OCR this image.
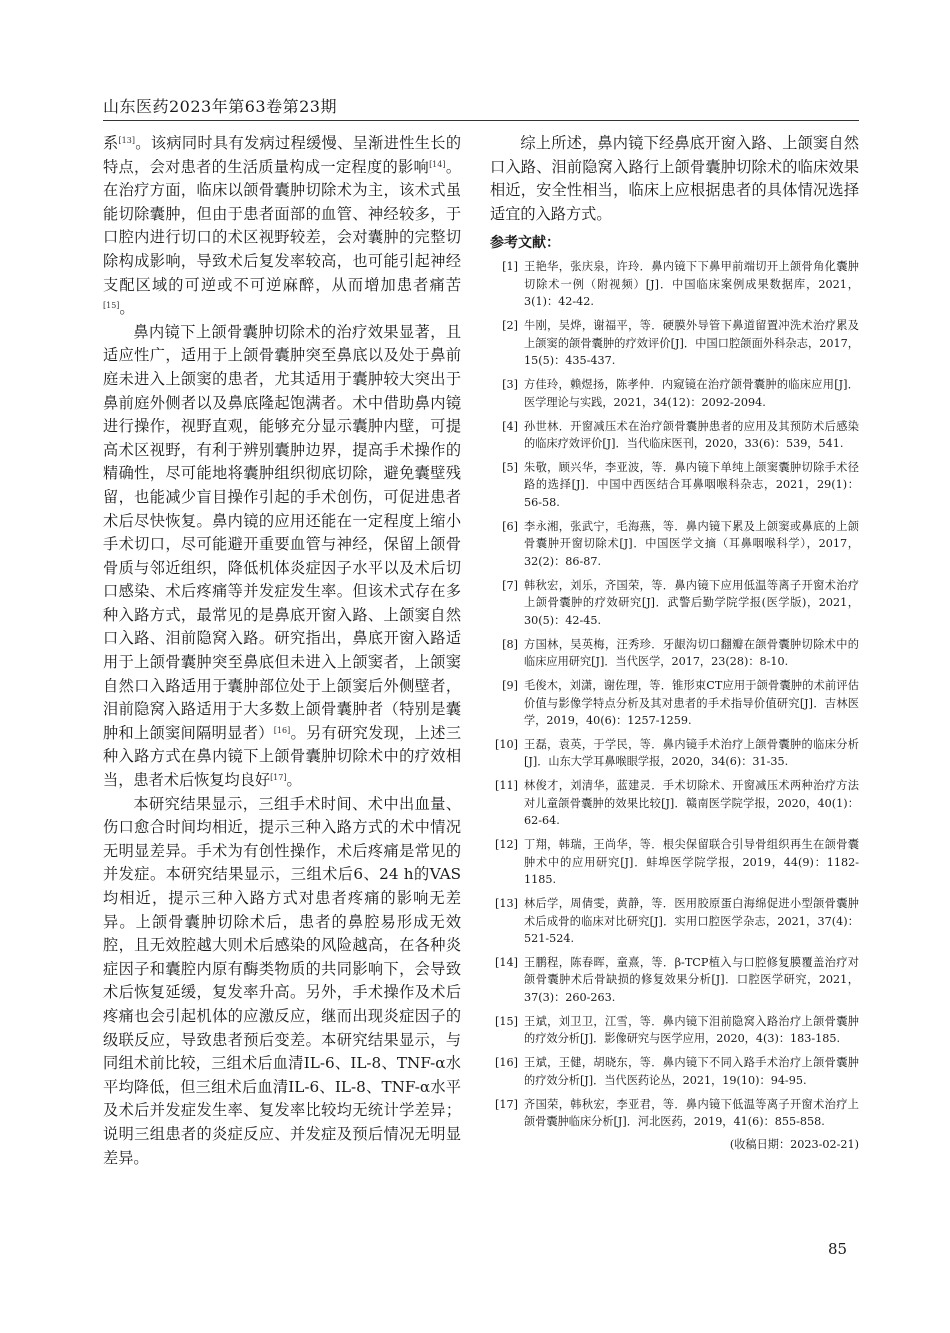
山东医药2023年第63卷第23期

系[13]。该病同时具有发病过程缓慢、呈渐进性生长的特点，会对患者的生活质量构成一定程度的影响[14]。在治疗方面，临床以颌骨囊肿切除术为主，该术式虽能切除囊肿，但由于患者面部的血管、神经较多，于口腔内进行切口的术区视野较差，会对囊肿的完整切除构成影响，导致术后复发率较高，也可能引起神经支配区域的可逆或不可逆麻醉，从而增加患者痛苦[15]。

鼻内镜下上颌骨囊肿切除术的治疗效果显著，且适应性广，适用于上颌骨囊肿突至鼻底以及处于鼻前庭未进入上颌窦的患者，尤其适用于囊肿较大突出于鼻前庭外侧者以及鼻底隆起饱满者。术中借助鼻内镜进行操作，视野直观，能够充分显示囊肿内壁，可提高术区视野，有利于辨别囊肿边界，提高手术操作的精确性，尽可能地将囊肿组织彻底切除，避免囊壁残留，也能减少盲目操作引起的手术创伤，可促进患者术后尽快恢复。鼻内镜的应用还能在一定程度上缩小手术切口，尽可能避开重要血管与神经，保留上颌骨骨质与邻近组织，降低机体炎症因子水平以及术后切口感染、术后疼痛等并发症发生率。但该术式存在多种入路方式，最常见的是鼻底开窗入路、上颌窦自然口入路、泪前隐窝入路。研究指出，鼻底开窗入路适用于上颌骨囊肿突至鼻底但未进入上颌窦者，上颌窦自然口入路适用于囊肿部位处于上颌窦后外侧壁者，泪前隐窝入路适用于大多数上颌骨囊肿者（特别是囊肿和上颌窦间隔明显者）[16]。另有研究发现，上述三种入路方式在鼻内镜下上颌骨囊肿切除术中的疗效相当，患者术后恢复均良好[17]。

本研究结果显示，三组手术时间、术中出血量、伤口愈合时间均相近，提示三种入路方式的术中情况无明显差异。手术为有创性操作，术后疼痛是常见的并发症。本研究结果显示，三组术后6、24 h的VAS均相近，提示三种入路方式对患者疼痛的影响无差异。上颌骨囊肿切除术后，患者的鼻腔易形成无效腔，且无效腔越大则术后感染的风险越高，在各种炎症因子和囊腔内原有酶类物质的共同影响下，会导致术后恢复延缓，复发率升高。另外，手术操作及术后疼痛也会引起机体的应激反应，继而出现炎症因子的级联反应，导致患者预后变差。本研究结果显示，与同组术前比较，三组术后血清IL-6、IL-8、TNF-α水平均降低，但三组术后血清IL-6、IL-8、TNF-α水平及术后并发症发生率、复发率比较均无统计学差异；说明三组患者的炎症反应、并发症及预后情况无明显差异。

综上所述，鼻内镜下经鼻底开窗入路、上颌窦自然口入路、泪前隐窝入路行上颌骨囊肿切除术的临床效果相近，安全性相当，临床上应根据患者的具体情况选择适宜的入路方式。

参考文献：
[1] 王艳华，张庆泉，许玲．鼻内镜下下鼻甲前端切开上颌骨角化囊肿切除术一例（附视频）[J]．中国临床案例成果数据库，2021，3(1)：42-42.
[2] 牛刚，吴烨，谢福平，等．硬膜外导管下鼻道留置冲洗术治疗累及上颌窦的颌骨囊肿的疗效评价[J]．中国口腔颌面外科杂志，2017，15(5)：435-437.
[3] 方佳玲，赖煜扬，陈孝仲．内窥镜在治疗颌骨囊肿的临床应用[J]．医学理论与实践，2021，34(12)：2092-2094.
[4] 孙世林．开窗减压术在治疗颌骨囊肿患者的应用及其预防术后感染的临床疗效评价[J]．当代临床医刊，2020，33(6)：539，541.
[5] 朱敬，顾兴华，李亚波，等．鼻内镜下单纯上颌窦囊肿切除手术径路的选择[J]．中国中西医结合耳鼻咽喉科杂志，2021，29(1)：56-58.
[6] 李永湘，张武宁，毛海燕，等．鼻内镜下累及上颌窦或鼻底的上颌骨囊肿开窗切除术[J]．中国医学文摘（耳鼻咽喉科学），2017，32(2)：86-87.
[7] 韩秋宏，刘乐，齐国荣，等．鼻内镜下应用低温等离子开窗术治疗上颌骨囊肿的疗效研究[J]．武警后勤学院学报(医学版)，2021，30(5)：42-45.
[8] 方国林，吴英梅，汪秀珍．牙龈沟切口翻瓣在颌骨囊肿切除术中的临床应用研究[J]．当代医学，2017，23(28)：8-10.
[9] 毛俊木，刘潇，谢佐理，等．锥形束CT应用于颌骨囊肿的术前评估价值与影像学特点分析及其对患者的手术指导价值研究[J]．吉林医学，2019，40(6)：1257-1259.
[10] 王磊，袁英，于学民，等．鼻内镜手术治疗上颌骨囊肿的临床分析[J]．山东大学耳鼻喉眼学报，2020，34(6)：31-35.
[11] 林俊才，刘清华，蓝建灵．手术切除术、开窗减压术两种治疗方法对儿童颌骨囊肿的效果比较[J]．赣南医学院学报，2020，40(1)：62-64.
[12] 丁翔，韩瑞，王尚华，等．根尖保留联合引导骨组织再生在颌骨囊肿术中的应用研究[J]．蚌埠医学院学报，2019，44(9)：1182-1185.
[13] 林后学，周倩雯，黄静，等．医用胶原蛋白海绵促进小型颌骨囊肿术后成骨的临床对比研究[J]．实用口腔医学杂志，2021，37(4)：521-524.
[14] 王鹏程，陈春晖，童熹，等．β-TCP植入与口腔修复膜覆盖治疗对颌骨囊肿术后骨缺损的修复效果分析[J]．口腔医学研究，2021，37(3)：260-263.
[15] 王斌，刘卫卫，江雪，等．鼻内镜下泪前隐窝入路治疗上颌骨囊肿的疗效分析[J]．影像研究与医学应用，2020，4(3)：183-185.
[16] 王斌，王健，胡晓东，等．鼻内镜下不同入路手术治疗上颌骨囊肿的疗效分析[J]．当代医药论丛，2021，19(10)：94-95.
[17] 齐国荣，韩秋宏，李亚君，等．鼻内镜下低温等离子开窗术治疗上颌骨囊肿临床分析[J]．河北医药，2019，41(6)：855-858.
(收稿日期：2023-02-21)
85
